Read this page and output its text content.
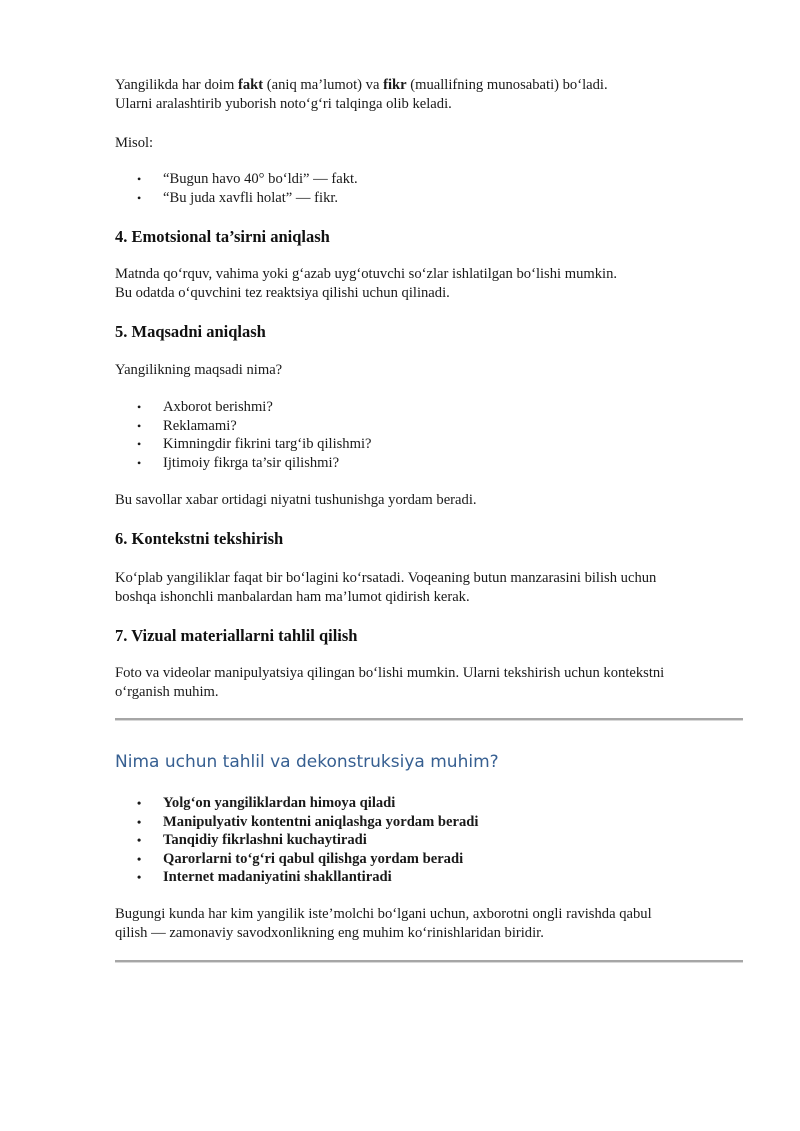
Yangilikda har doim fakt (aniq ma’lumot) va fikr (muallifning munosabati) bo‘ladi.

Ularni aralashtirib yuborish noto‘g‘ri talqinga olib keladi.

Misol:

• “Bugun havo 40° bo‘ldi” — fakt.
• “Bu juda xavfli holat” — fikr.
4. Emotsional ta’sirni aniqlash

Matnda qo‘rquv, vahima yoki g‘azab uyg‘otuvchi so‘zlar ishlatilgan bo‘lishi mumkin.

Bu odatda o‘quvchini tez reaktsiya qilishi uchun qilinadi.

5. Maqsadni aniqlash

Yangilikning maqsadi nima?

• Axborot berishmi?
• Reklamami?
• Kimningdir fikrini targ‘ib qilishmi?
• Ijtimoiy fikrga ta’sir qilishmi?

Bu savollar xabar ortidagi niyatni tushunishga yordam beradi.

6. Kontekstni tekshirish

Ko‘plab yangiliklar faqat bir bo‘lagini ko‘rsatadi. Voqeaning butun manzarasini bilish uchun

boshqa ishonchli manbalardan ham ma’lumot qidirish kerak.

7. Vizual materiallarni tahlil qilish

Foto va videolar manipulyatsiya qilingan bo‘lishi mumkin. Ularni tekshirish uchun kontekstni

o‘rganish muhim.

Nima uchun tahlil va dekonstruksiya muhim?
• Yolg‘on yangiliklardan himoya qiladi
• Manipulyativ kontentni aniqlashga yordam beradi
• Tanqidiy fikrlashni kuchaytiradi
• Qarorlarni to‘g‘ri qabul qilishga yordam beradi
• Internet madaniyatini shakllantiradi

Bugungi kunda har kim yangilik iste’molchi bo‘lgani uchun, axborotni ongli ravishda qabul

qilish — zamonaviy savodxonlikning eng muhim ko‘rinishlaridan biridir.
